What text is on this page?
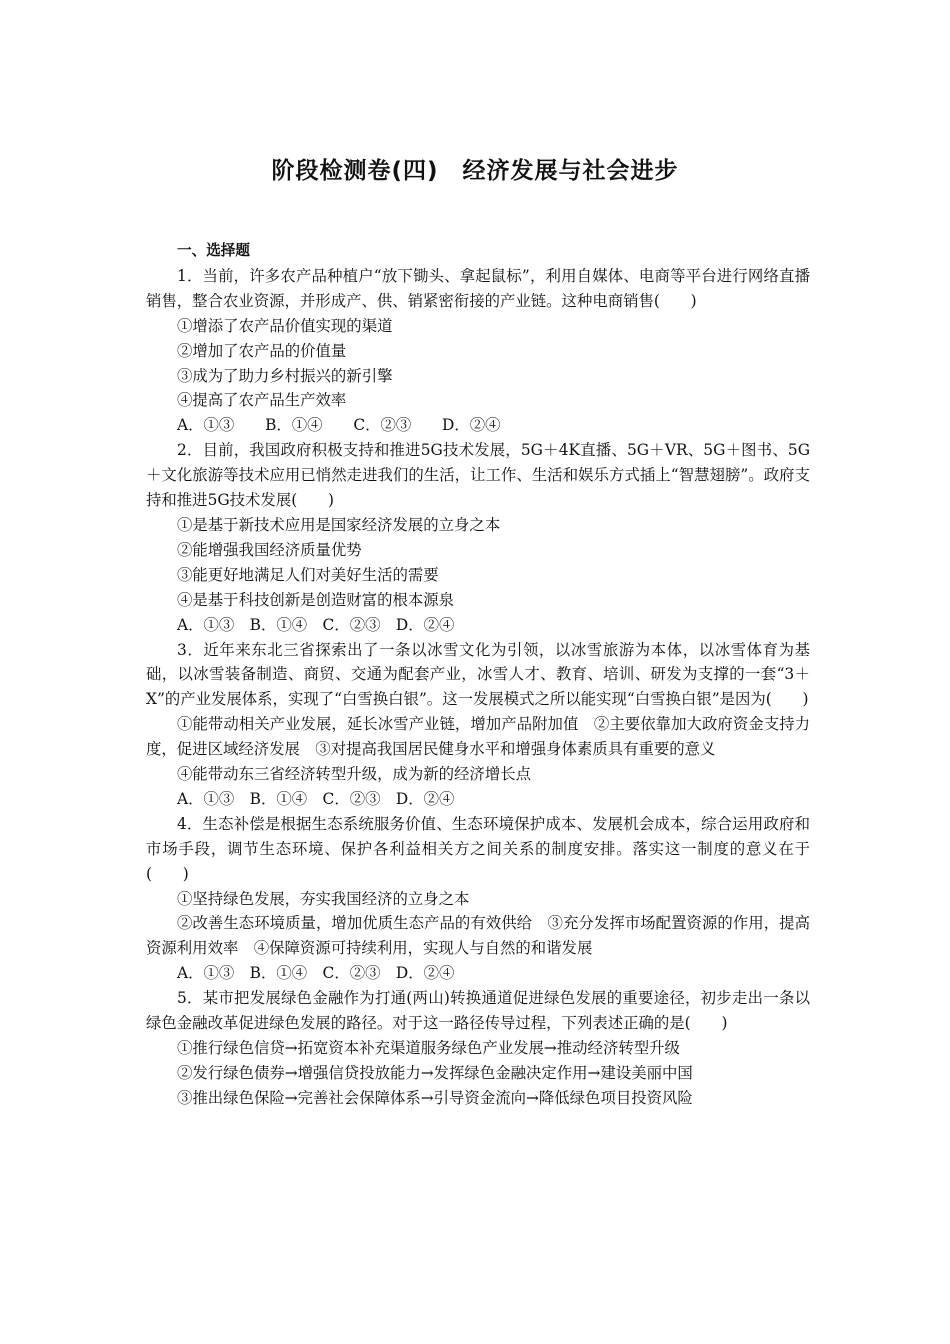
阶段检测卷(四)　经济发展与社会进步

一、选择题

1．当前，许多农产品种植户“放下锄头、拿起鼠标”，利用自媒体、电商等平台进行网络直播销售，整合农业资源，并形成产、供、销紧密衔接的产业链。这种电商销售(　　)

①增添了农产品价值实现的渠道

②增加了农产品的价值量

③成为了助力乡村振兴的新引擎

④提高了农产品生产效率

A．①③　　B．①④　　C．②③　　D．②④

2．目前，我国政府积极支持和推进5G技术发展，5G＋4K直播、5G＋VR、5G＋图书、5G＋文化旅游等技术应用已悄然走进我们的生活，让工作、生活和娱乐方式插上“智慧翅膀”。政府支持和推进5G技术发展(　　)

①是基于新技术应用是国家经济发展的立身之本

②能增强我国经济质量优势

③能更好地满足人们对美好生活的需要

④是基于科技创新是创造财富的根本源泉

A．①③　B．①④　C．②③　D．②④

3．近年来东北三省探索出了一条以冰雪文化为引领，以冰雪旅游为本体，以冰雪体育为基础，以冰雪装备制造、商贸、交通为配套产业，冰雪人才、教育、培训、研发为支撑的一套“3＋X”的产业发展体系，实现了“白雪换白银”。这一发展模式之所以能实现“白雪换白银”是因为(　　)

①能带动相关产业发展，延长冰雪产业链，增加产品附加值　②主要依靠加大政府资金支持力度，促进区域经济发展　③对提高我国居民健身水平和增强身体素质具有重要的意义

④能带动东三省经济转型升级，成为新的经济增长点

A．①③　B．①④　C．②③　D．②④

4．生态补偿是根据生态系统服务价值、生态环境保护成本、发展机会成本，综合运用政府和市场手段，调节生态环境、保护各利益相关方之间关系的制度安排。落实这一制度的意义在于(　　)

①坚持绿色发展，夯实我国经济的立身之本

②改善生态环境质量，增加优质生态产品的有效供给　③充分发挥市场配置资源的作用，提高资源利用效率　④保障资源可持续利用，实现人与自然的和谐发展

A．①③　B．①④　C．②③　D．②④

5．某市把发展绿色金融作为打通(两山)转换通道促进绿色发展的重要途径，初步走出一条以绿色金融改革促进绿色发展的路径。对于这一路径传导过程，下列表述正确的是(　　)

①推行绿色信贷→拓宽资本补充渠道服务绿色产业发展→推动经济转型升级

②发行绿色债券→增强信贷投放能力→发挥绿色金融决定作用→建设美丽中国

③推出绿色保险→完善社会保障体系→引导资金流向→降低绿色项目投资风险
